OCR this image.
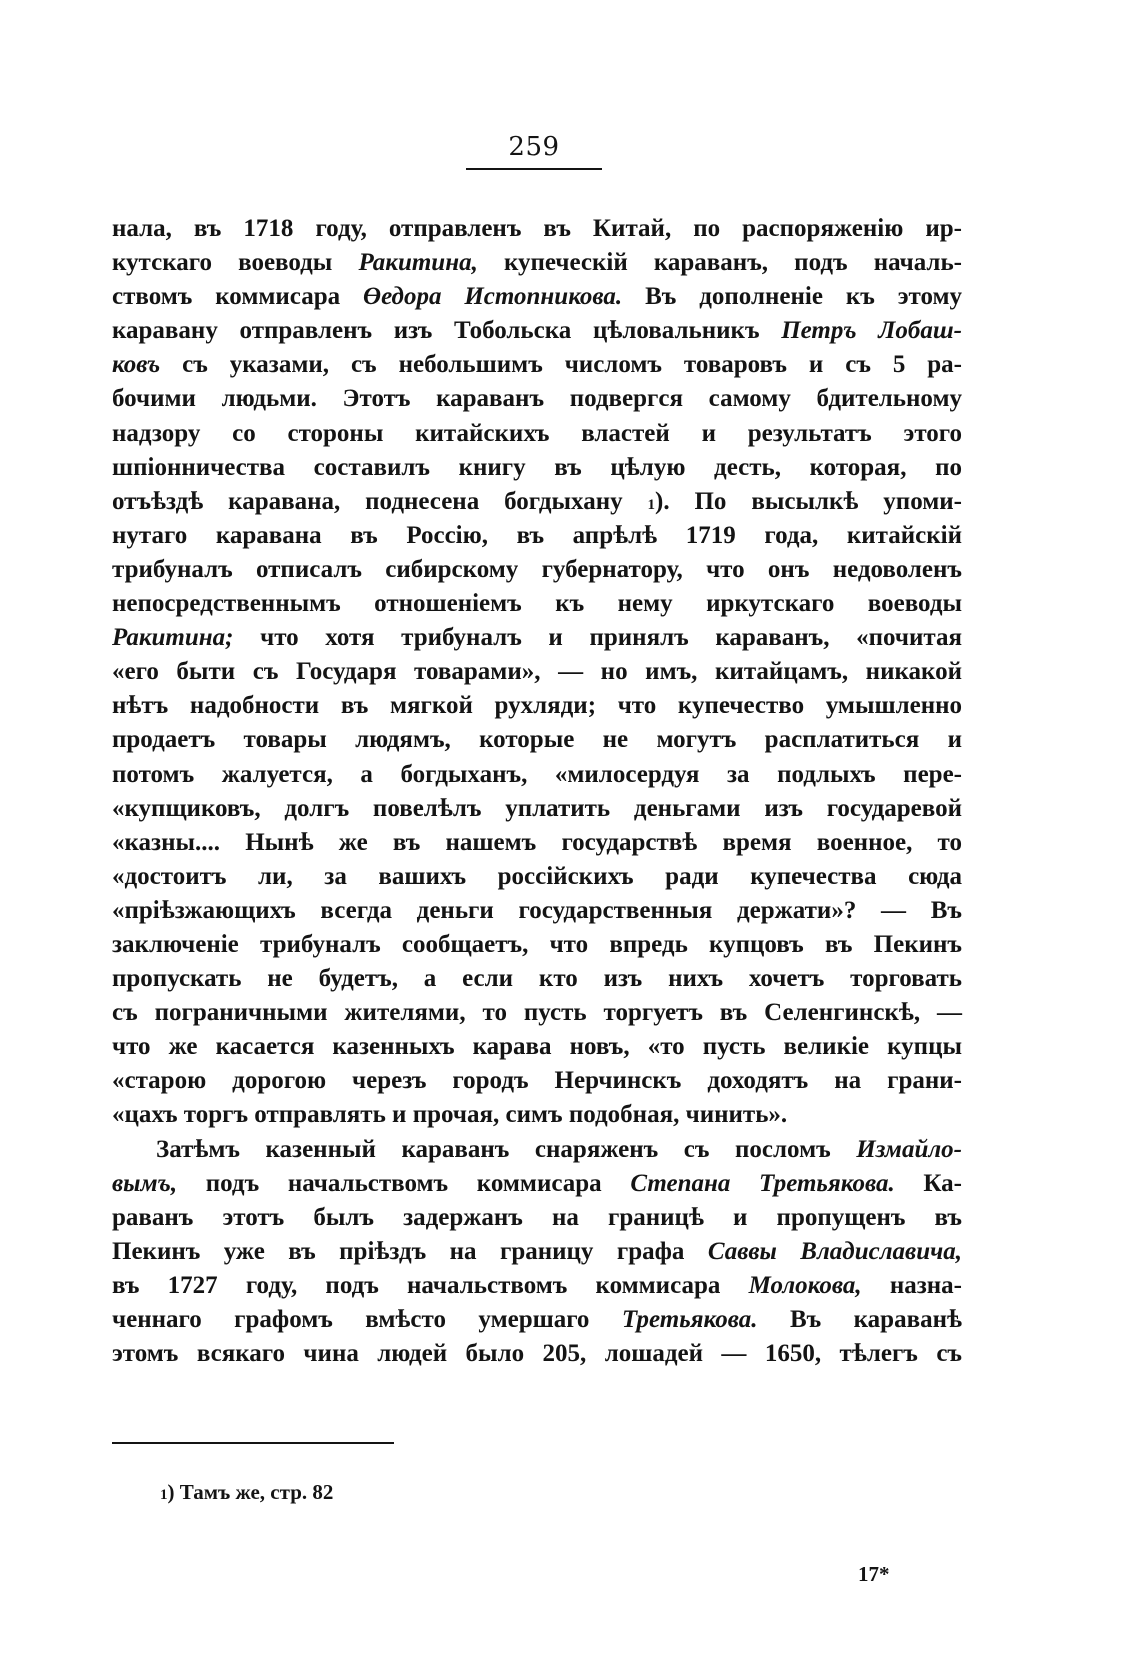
259
нала, въ 1718 году, отправленъ въ Китай, по распоряженію ир-
кутскаго воеводы Ракитина, купеческій караванъ, подъ началь-
ствомъ коммисара Өедора Истопникова. Въ дополненіе къ этому
каравану отправленъ изъ Тобольска цѣловальникъ Петръ Лобаш-
ковъ съ указами, съ небольшимъ числомъ товаровъ и съ 5 ра-
бочими людьми. Этотъ караванъ подвергся самому бдительному
надзору со стороны китайскихъ властей и результатъ этого
шпіонничества составилъ книгу въ цѣлую десть, которая, по
отъѣздѣ каравана, поднесена богдыхану 1). По высылкѣ упоми-
нутаго каравана въ Россію, въ апрѣлѣ 1719 года, китайскій
трибуналъ отписалъ сибирскому губернатору, что онъ недоволенъ
непосредственнымъ отношеніемъ къ нему иркутскаго воеводы
Ракитина; что хотя трибуналъ и принялъ караванъ, «почитая
«его быти съ Государя товарами», — но имъ, китайцамъ, никакой
нѣтъ надобности въ мягкой рухляди; что купечество умышленно
продаетъ товары людямъ, которые не могутъ расплатиться и
потомъ жалуется, а богдыханъ, «милосердуя за подлыхъ пере-
«купщиковъ, долгъ повелѣлъ уплатить деньгами изъ государевой
«казны.... Нынѣ же въ нашемъ государствѣ время военное, то
«достоитъ ли, за вашихъ россійскихъ ради купечества сюда
«пріѣзжающихъ всегда деньги государственныя держати»? — Въ
заключеніе трибуналъ сообщаетъ, что впредь купцовъ въ Пекинъ
пропускать не будетъ, а если кто изъ нихъ хочетъ торговать
съ пограничными жителями, то пусть торгуетъ въ Селенгинскѣ, —
что же касается казенныхъ карава новъ, «то пусть великіе купцы
«старою дорогою черезъ городъ Нерчинскъ доходятъ на грани-
«цахъ торгъ отправлять и прочая, симъ подобная, чинить».
Затѣмъ казенный караванъ снаряженъ съ посломъ Измайло-
вымъ, подъ начальствомъ коммисара Степана Третьякова. Ка-
раванъ этотъ былъ задержанъ на границѣ и пропущенъ въ
Пекинъ уже въ пріѣздъ на границу графа Саввы Владиславича,
въ 1727 году, подъ начальствомъ коммисара Молокова, назна-
ченнаго графомъ вмѣсто умершаго Третьякова. Въ караванѣ
этомъ всякаго чина людей было 205, лошадей — 1650, тѣлегъ съ
1) Тамъ же, стр. 82
17*
